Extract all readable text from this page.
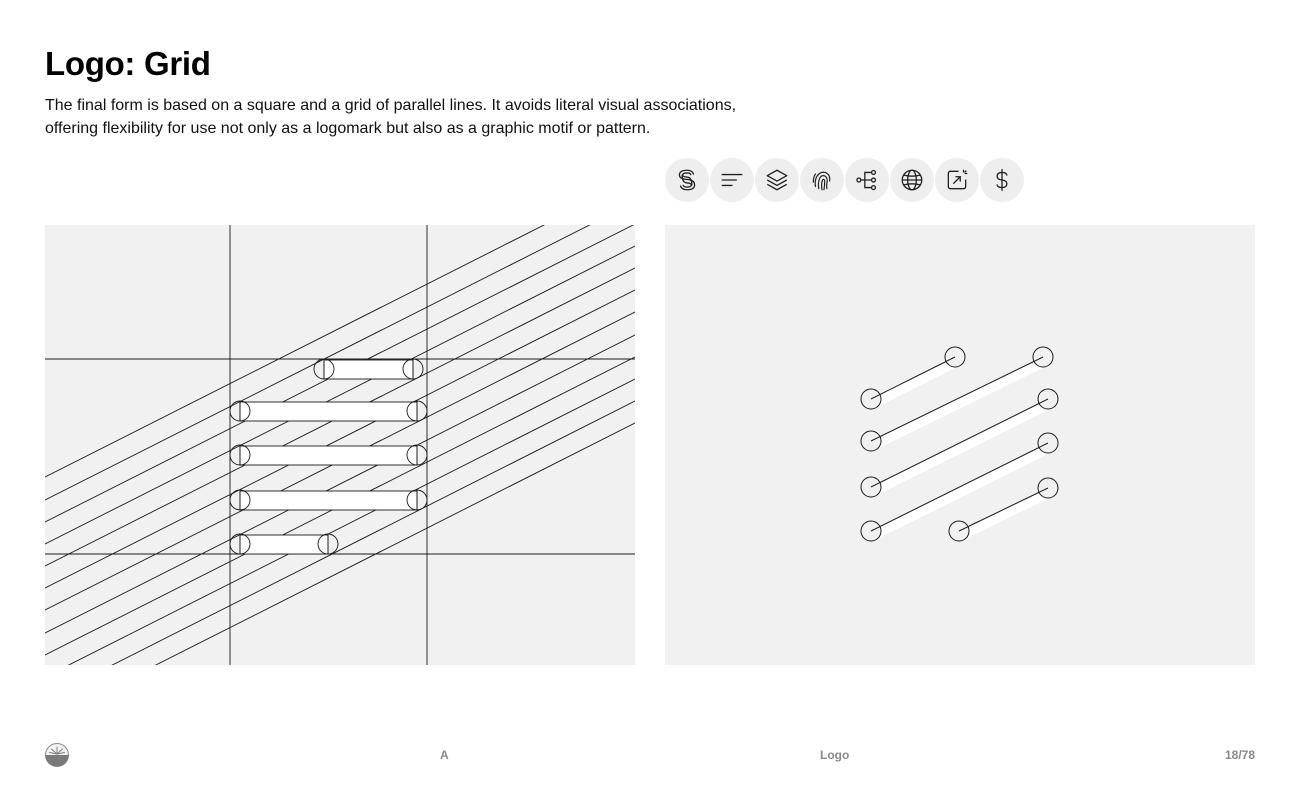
Logo: Grid

The final form is based on a square and a grid of parallel lines. It avoids literal visual associations,
offering flexibility for use not only as a logomark but also as a graphic motif or pattern.

A	Logo	18/78
